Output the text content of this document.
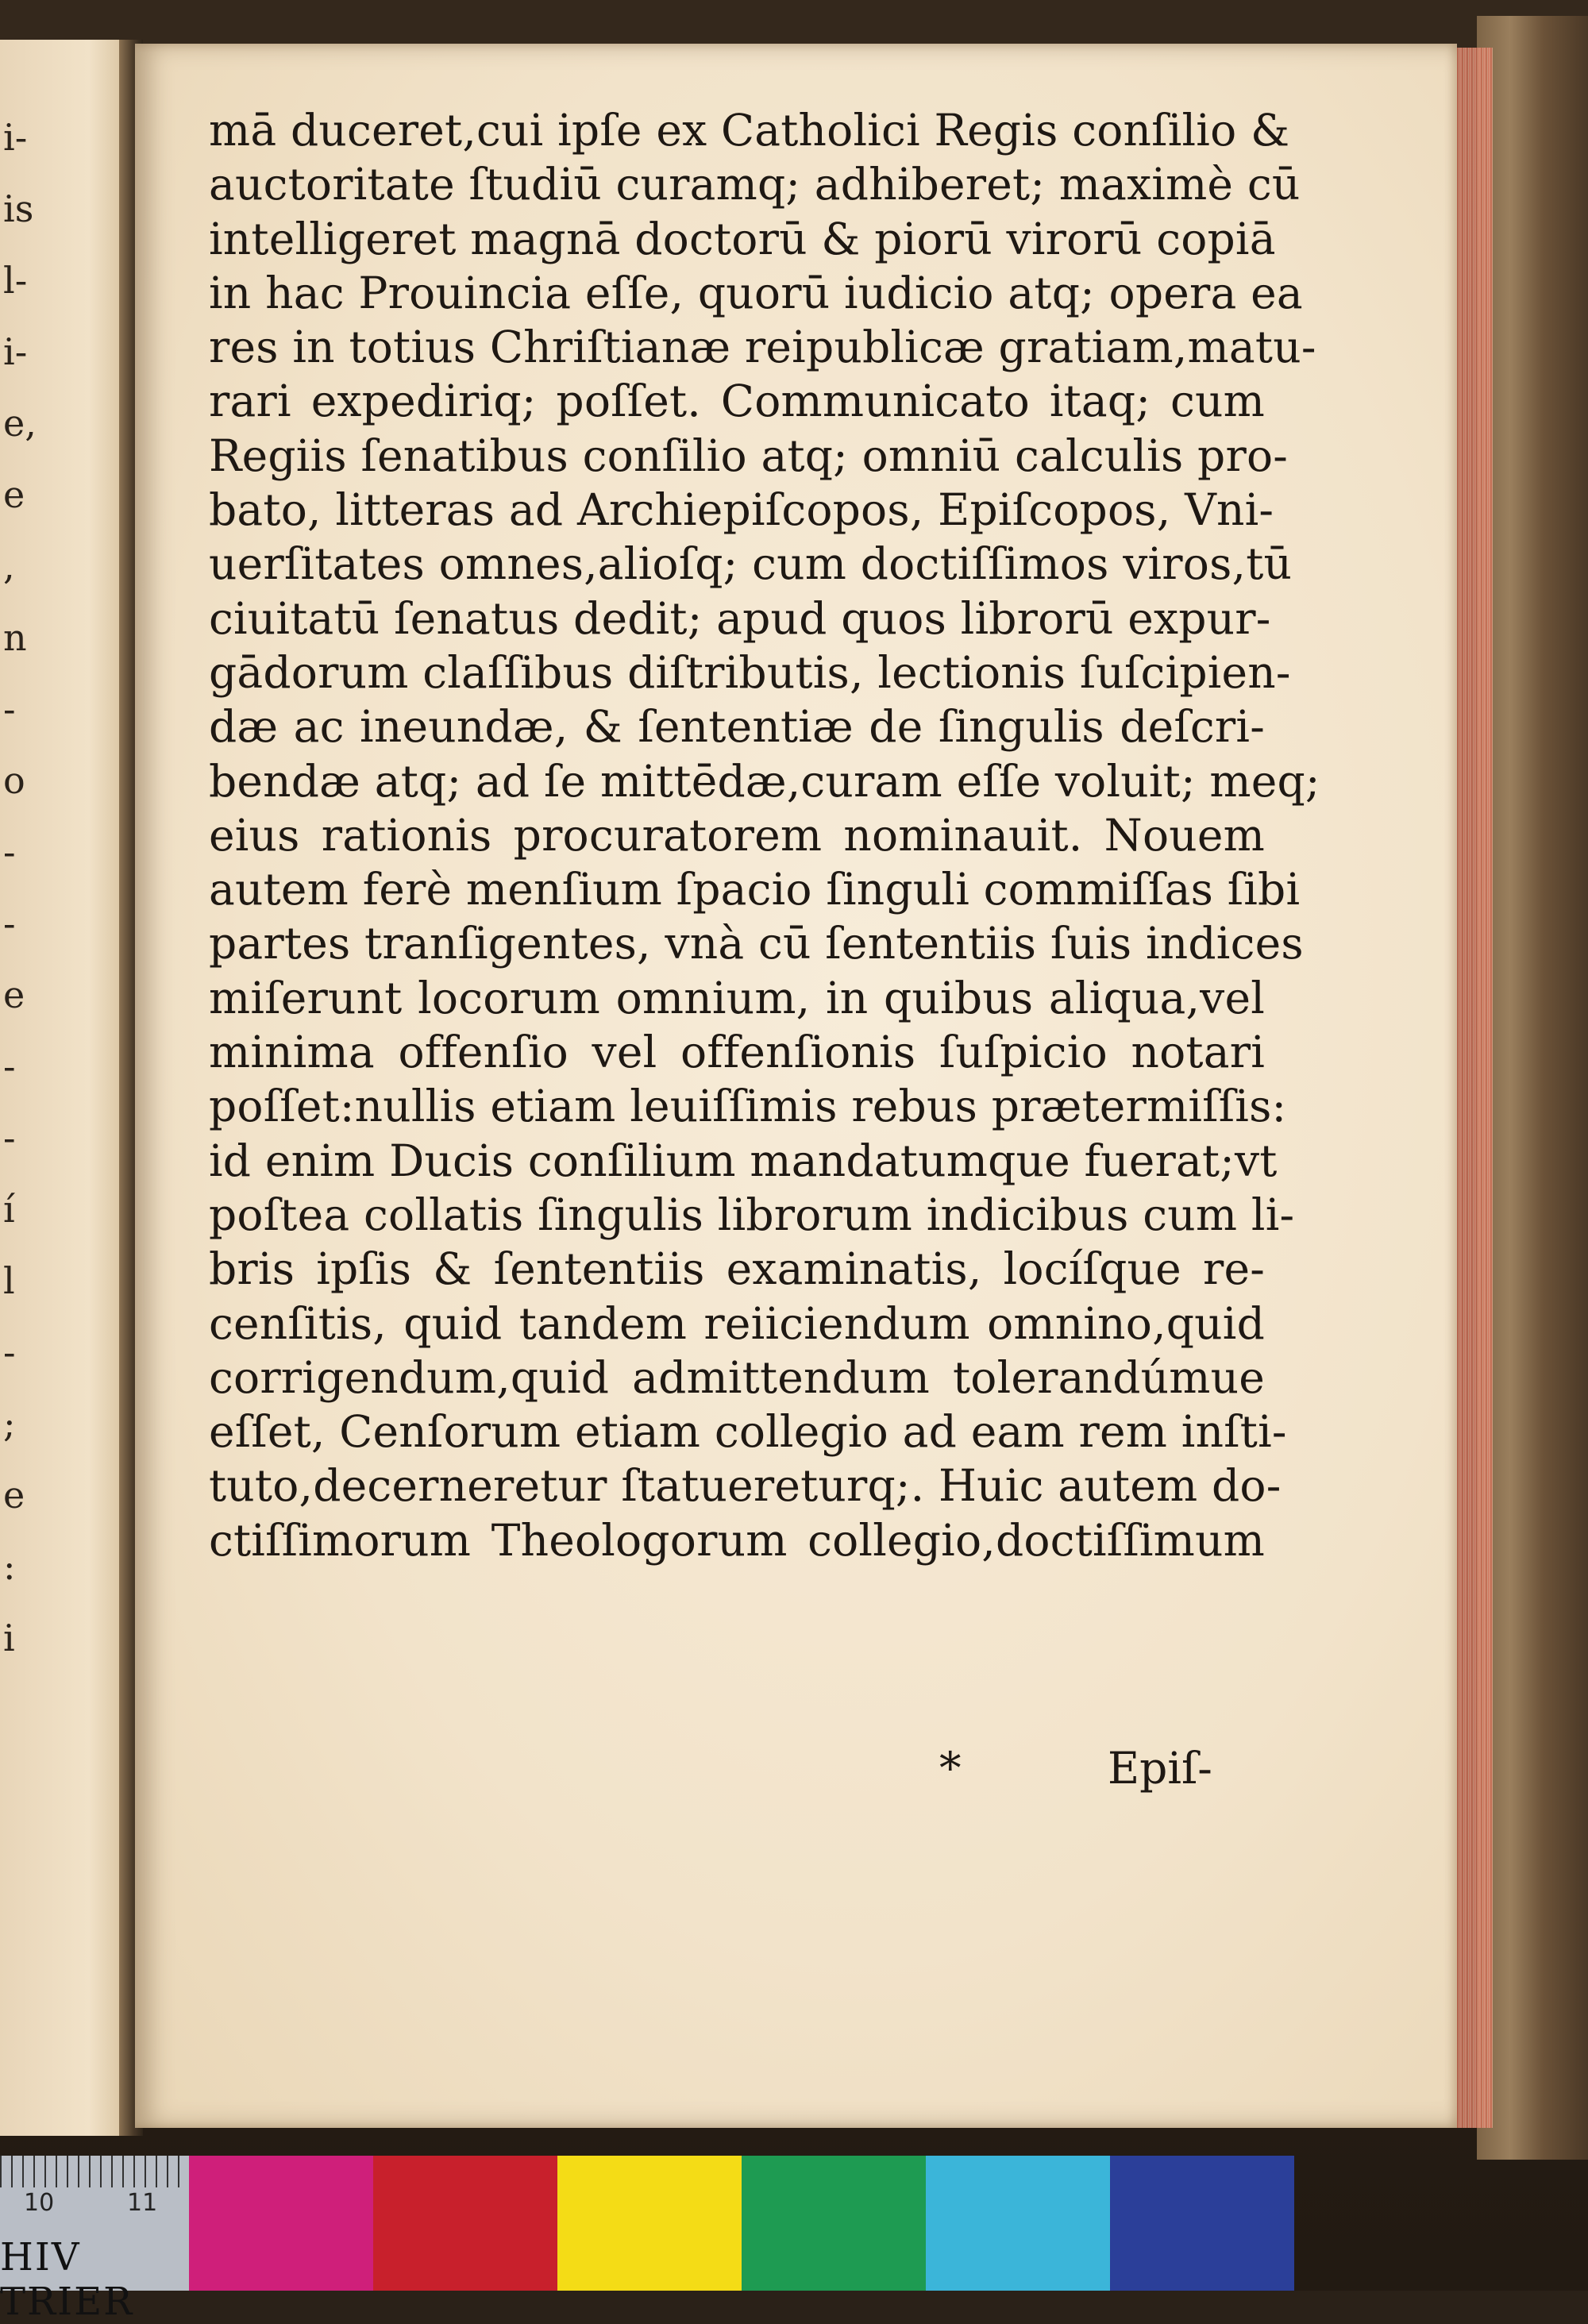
i-
is
l-
i-
e,
e
,
n
-
o
-
-
e
-
-
í
l
-
;
e
:
i
mā duceret,cui ipſe ex Catholici Regis conſilio &
auctoritate ſtudiū curamq; adhiberet; maximè cū
intelligeret magnā doctorū & piorū virorū copiā
in hac Prouincia eſſe, quorū iudicio atq; opera ea
res in totius Chriſtianæ reipublicæ gratiam,matu-
rari expediriq; poſſet. Communicato itaq; cum
Regiis ſenatibus conſilio atq; omniū calculis pro-
bato, litteras ad Archiepiſcopos, Epiſcopos, Vni-
uerſitates omnes,alioſq; cum doctiſſimos viros,tū
ciuitatū ſenatus dedit; apud quos librorū expur-
gādorum claſſibus diſtributis, lectionis ſuſcipien-
dæ ac ineundæ, & ſententiæ de ſingulis deſcri-
bendæ atq; ad ſe mittēdæ,curam eſſe voluit; meq;
eius rationis procuratorem nominauit. Nouem
autem ferè menſium ſpacio ſinguli commiſſas ſibi
partes tranſigentes, vnà cū ſententiis ſuis indices
miſerunt locorum omnium, in quibus aliqua,vel
minima offenſio vel offenſionis ſuſpicio notari
poſſet:nullis etiam leuiſſimis rebus prætermiſſis:
id enim Ducis conſilium mandatumque fuerat;vt
poſtea collatis ſingulis librorum indicibus cum li-
bris ipſis & ſententiis examinatis, locíſque re-
cenſitis, quid tandem reiiciendum omnino,quid
corrigendum,quid admittendum tolerandúmue
eſſet, Cenſorum etiam collegio ad eam rem inſti-
tuto,decerneretur ſtatuereturq;. Huic autem do-
ctiſſimorum Theologorum collegio,doctiſſimum
*	Epiſ-
10	11
HIV TRIER
